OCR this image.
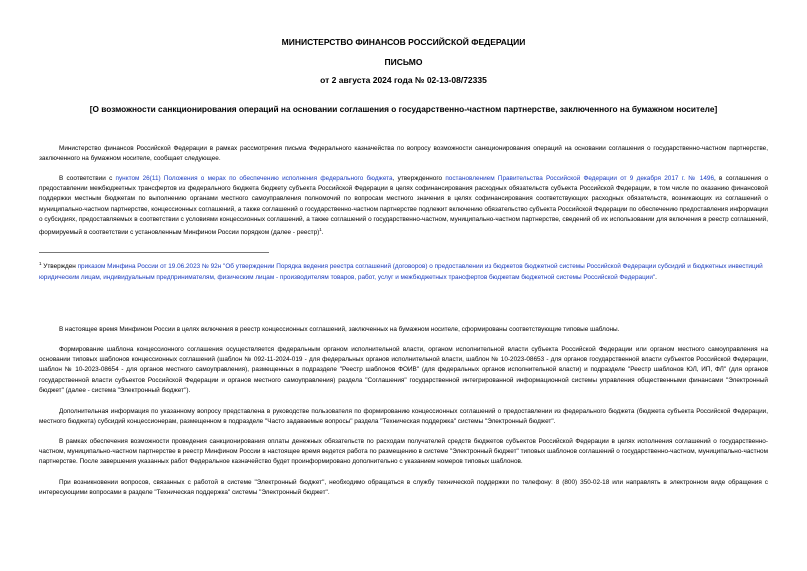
МИНИСТЕРСТВО ФИНАНСОВ РОССИЙСКОЙ ФЕДЕРАЦИИ
ПИСЬМО
от 2 августа 2024 года № 02-13-08/72335
[О возможности санкционирования операций на основании соглашения о государственно-частном партнерстве, заключенного на бумажном носителе]
Министерство финансов Российской Федерации в рамках рассмотрения письма Федерального казначейства по вопросу возможности санкционирования операций на основании соглашения о государственно-частном партнерстве, заключенного на бумажном носителе, сообщает следующее.
В соответствии с пунктом 26(11) Положения о мерах по обеспечению исполнения федерального бюджета, утвержденного постановлением Правительства Российской Федерации от 9 декабря 2017 г. № 1496, в соглашения о предоставлении межбюджетных трансфертов из федерального бюджета бюджету субъекта Российской Федерации в целях софинансирования расходных обязательств субъекта Российской Федерации, в том числе по оказанию финансовой поддержки местным бюджетам по выполнению органами местного самоуправления полномочий по вопросам местного значения в целях софинансирования соответствующих расходных обязательств, возникающих из соглашений о муниципально-частном партнерстве, концессионных соглашений, а также соглашений о государственно-частном партнерстве подлежит включению обязательство субъекта Российской Федерации по обеспечению предоставления информации о субсидиях, предоставляемых в соответствии с условиями концессионных соглашений, а также соглашений о государственно-частном, муниципально-частном партнерстве, сведений об их использовании для включения в реестр соглашений, формируемый в соответствии с установленным Минфином России порядком (далее - реестр)$^1$.
$^1$ Утвержден приказом Минфина России от 19.06.2023 № 92н "Об утверждении Порядка ведения реестра соглашений (договоров) о предоставлении из бюджетов бюджетной системы Российской Федерации субсидий и бюджетных инвестиций юридическим лицам, индивидуальным предпринимателям, физическим лицам - производителям товаров, работ, услуг и межбюджетных трансфертов бюджетам бюджетной системы Российской Федерации".
В настоящее время Минфином России в целях включения в реестр концессионных соглашений, заключенных на бумажном носителе, сформированы соответствующие типовые шаблоны.
Формирование шаблона концессионного соглашения осуществляется федеральным органом исполнительной власти, органом исполнительной власти субъекта Российской Федерации или органом местного самоуправления на основании типовых шаблонов концессионных соглашений (шаблон № 092-11-2024-019 - для федеральных органов исполнительной власти, шаблон № 10-2023-08653 - для органов государственной власти субъектов Российской Федерации, шаблон № 10-2023-08654 - для органов местного самоуправления), размещенных в подразделе "Реестр шаблонов ФОИВ" (для федеральных органов исполнительной власти) и подразделе "Реестр шаблонов ЮЛ, ИП, ФЛ" (для органов государственной власти субъектов Российской Федерации и органов местного самоуправления) раздела "Соглашения" государственной интегрированной информационной системы управления общественными финансами "Электронный бюджет" (далее - система "Электронный бюджет").
Дополнительная информация по указанному вопросу представлена в руководстве пользователя по формированию концессионных соглашений о предоставлении из федерального бюджета (бюджета субъекта Российской Федерации, местного бюджета) субсидий концессионерам, размещенном в подразделе "Часто задаваемые вопросы" раздела "Техническая поддержка" системы "Электронный бюджет".
В рамках обеспечения возможности проведения санкционирования оплаты денежных обязательств по расходам получателей средств бюджетов субъектов Российской Федерации в целях исполнения соглашений о государственно-частном, муниципально-частном партнерстве в реестр Минфином России в настоящее время ведется работа по размещению в системе "Электронный бюджет" типовых шаблонов соглашений о государственно-частном, муниципально-частном партнерстве. После завершения указанных работ Федеральное казначейство будет проинформировано дополнительно с указанием номеров типовых шаблонов.
При возникновении вопросов, связанных с работой в системе "Электронный бюджет", необходимо обращаться в службу технической поддержки по телефону: 8 (800) 350-02-18 или направлять в электронном виде обращения с интересующими вопросами в разделе "Техническая поддержка" системы "Электронный бюджет".
